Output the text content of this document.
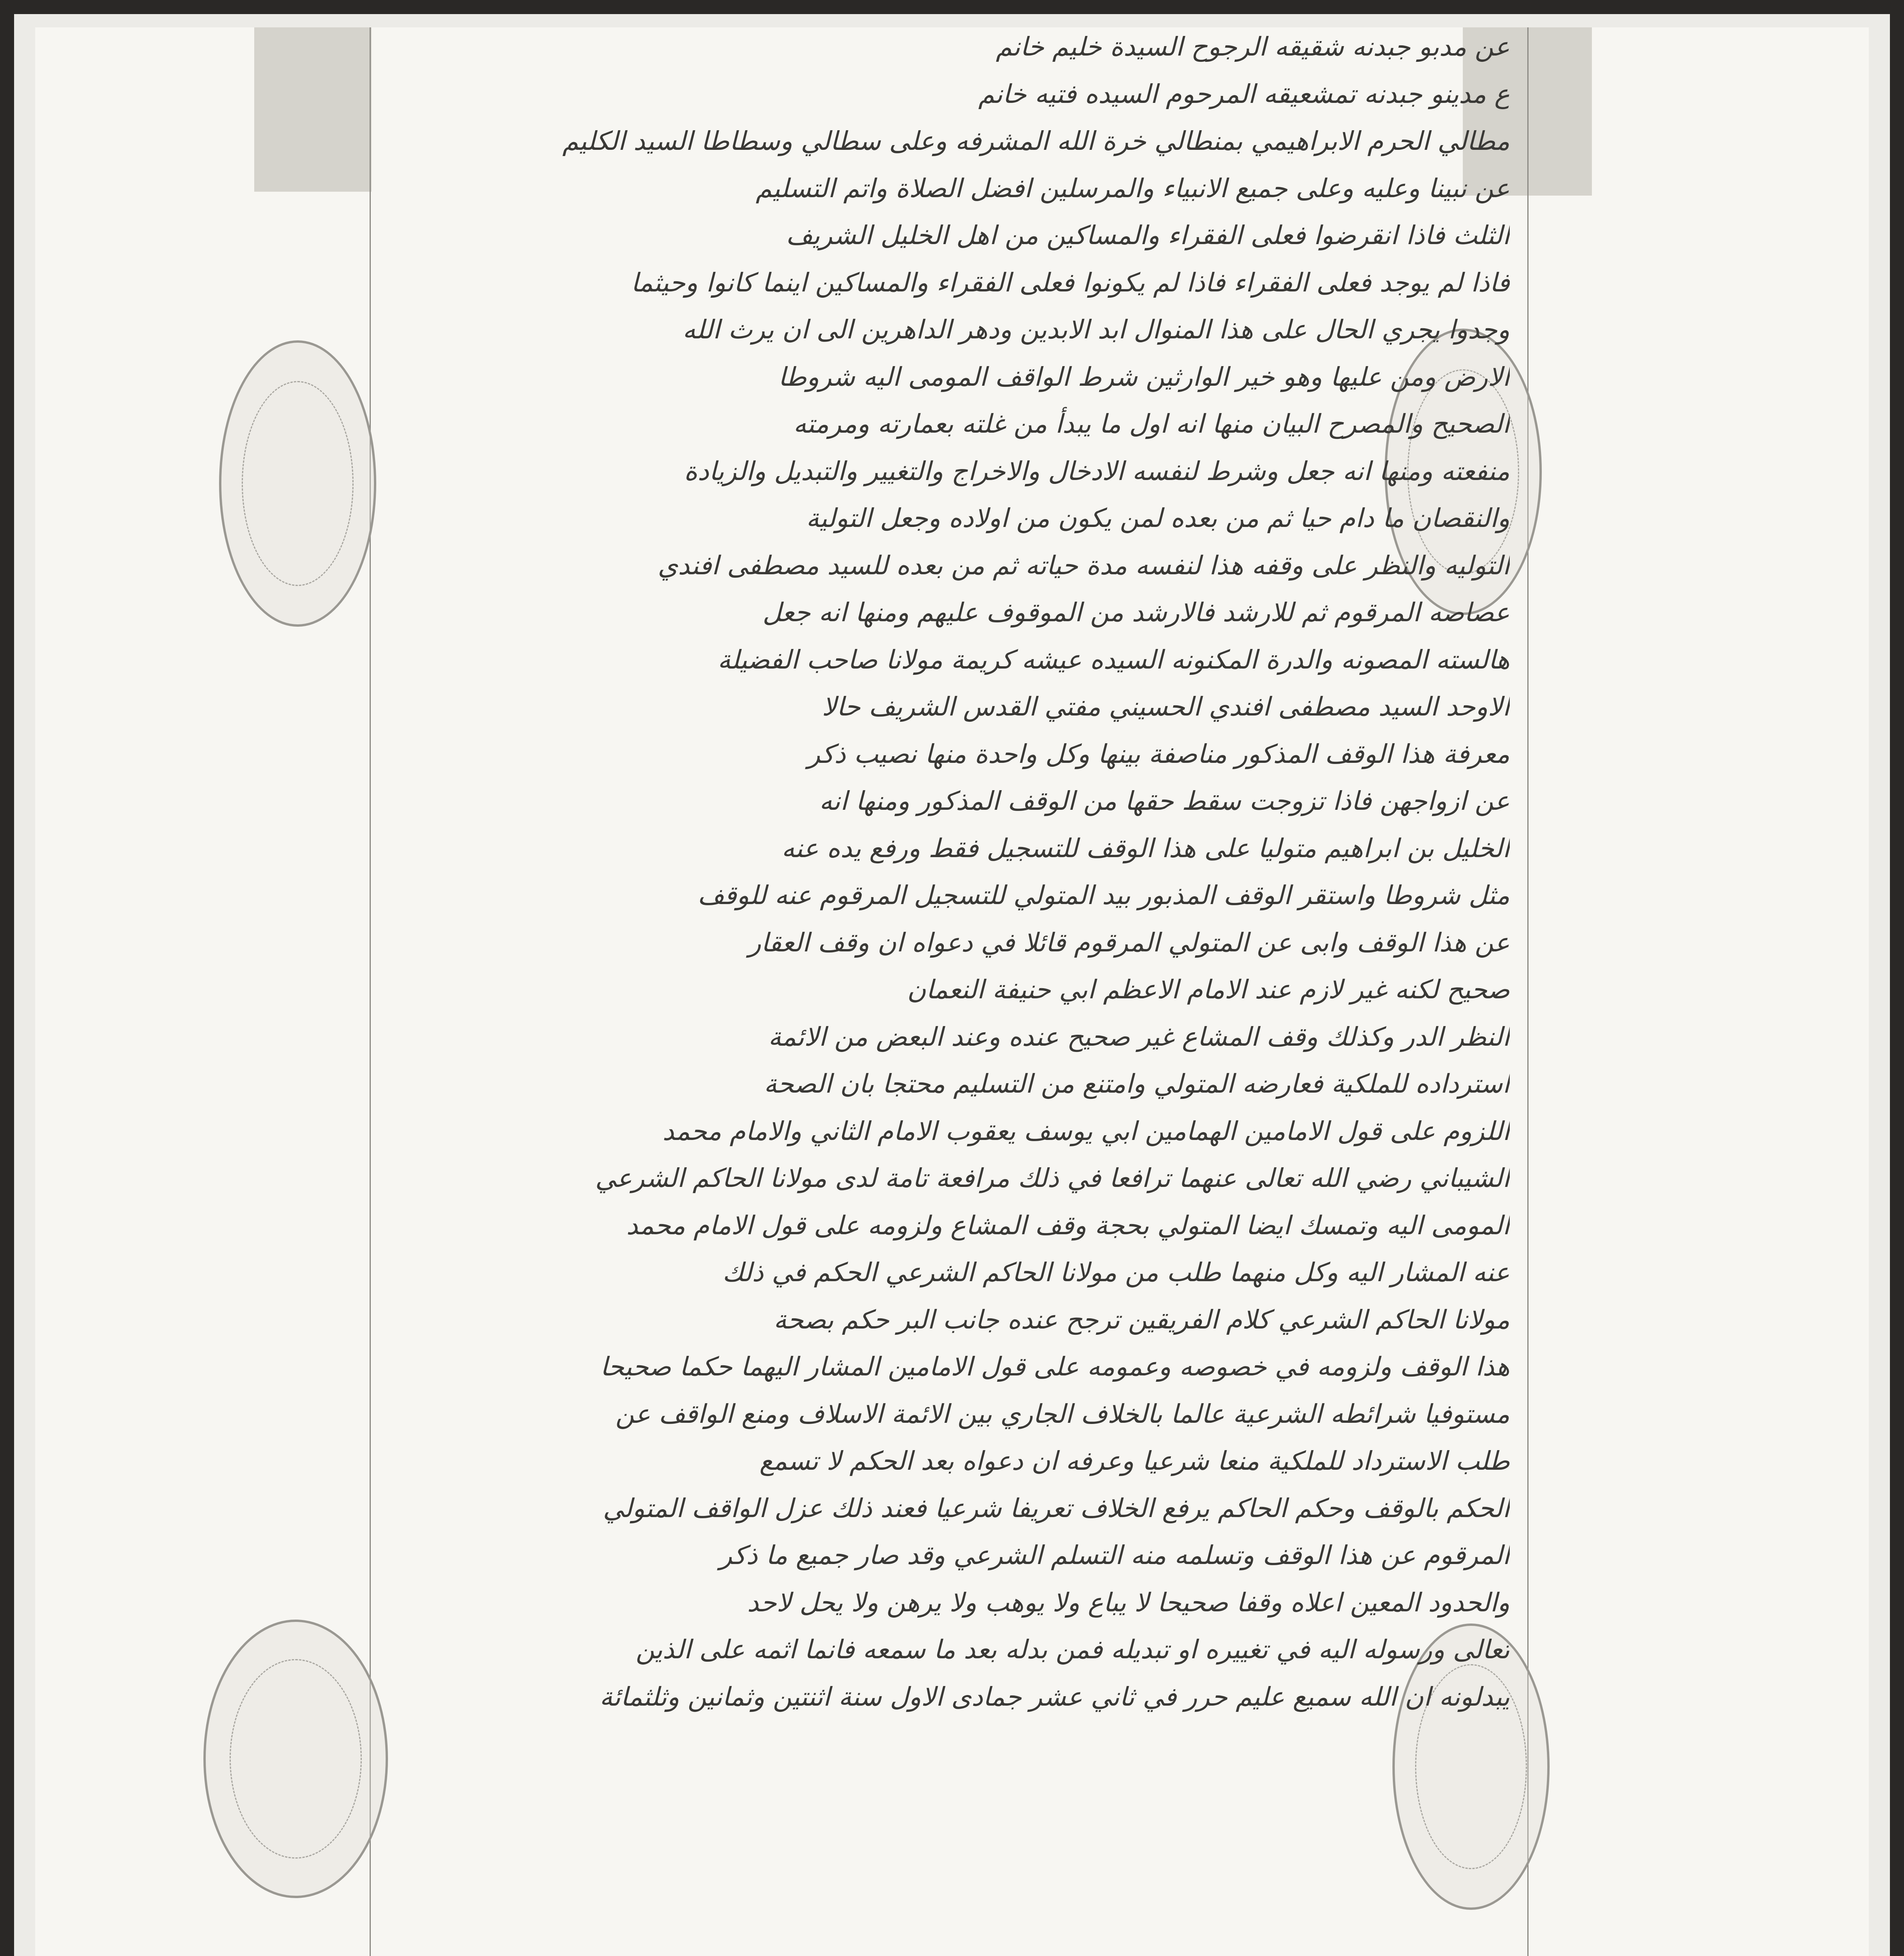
عن مدبو جبدنه شقيقه الرجوح السيدة خليم خانم
ع مدينو جبدنه تمشعيقه المرحوم السيده فتيه خانم
مطالي الحرم الابراهيمي بمنطالي خرة الله المشرفه وعلى سطالي وسطاطا السيد الكليم
عن نبينا وعليه وعلى جميع الانبياء والمرسلين افضل الصلاة واتم التسليم
الثلث فاذا انقرضوا فعلى الفقراء والمساكين من اهل الخليل الشريف
فاذا لم يوجد فعلى الفقراء فاذا لم يكونوا فعلى الفقراء والمساكين اينما كانوا وحيثما
وجدوا يجري الحال على هذا المنوال ابد الابدين ودهر الداهرين الى ان يرث الله
الارض ومن عليها وهو خير الوارثين شرط الواقف المومى اليه شروطا
الصحيح والمصرح البيان منها انه اول ما يبدأ من غلته بعمارته ومرمته
منفعته ومنها انه جعل وشرط لنفسه الادخال والاخراج والتغيير والتبديل والزيادة
والنقصان ما دام حيا ثم من بعده لمن يكون من اولاده وجعل التولية
التوليه والنظر على وقفه هذا لنفسه مدة حياته ثم من بعده للسيد مصطفى افندي
عصاصه المرقوم ثم للارشد فالارشد من الموقوف عليهم ومنها انه جعل
هالسته المصونه والدرة المكنونه السيده عيشه كريمة مولانا صاحب الفضيلة
الاوحد السيد مصطفى افندي الحسيني مفتي القدس الشريف حالا
معرفة هذا الوقف المذكور مناصفة بينها وكل واحدة منها نصيب ذكر
عن ازواجهن فاذا تزوجت سقط حقها من الوقف المذكور ومنها انه
الخليل بن ابراهيم متوليا على هذا الوقف للتسجيل فقط ورفع يده عنه
مثل شروطا واستقر الوقف المذبور بيد المتولي للتسجيل المرقوم عنه للوقف
عن هذا الوقف وابى عن المتولي المرقوم قائلا في دعواه ان وقف العقار
صحيح لكنه غير لازم عند الامام الاعظم ابي حنيفة النعمان
النظر الدر وكذلك وقف المشاع غير صحيح عنده وعند البعض من الائمة
استرداده للملكية فعارضه المتولي وامتنع من التسليم محتجا بان الصحة
اللزوم على قول الامامين الهمامين ابي يوسف يعقوب الامام الثاني والامام محمد
الشيباني رضي الله تعالى عنهما ترافعا في ذلك مرافعة تامة لدى مولانا الحاكم الشرعي
المومى اليه وتمسك ايضا المتولي بحجة وقف المشاع ولزومه على قول الامام محمد
عنه المشار اليه وكل منهما طلب من مولانا الحاكم الشرعي الحكم في ذلك
مولانا الحاكم الشرعي كلام الفريقين ترجح عنده جانب البر حكم بصحة
هذا الوقف ولزومه في خصوصه وعمومه على قول الامامين المشار اليهما حكما صحيحا
مستوفيا شرائطه الشرعية عالما بالخلاف الجاري بين الائمة الاسلاف ومنع الواقف عن
طلب الاسترداد للملكية منعا شرعيا وعرفه ان دعواه بعد الحكم لا تسمع
الحكم بالوقف وحكم الحاكم يرفع الخلاف تعريفا شرعيا فعند ذلك عزل الواقف المتولي
المرقوم عن هذا الوقف وتسلمه منه التسلم الشرعي وقد صار جميع ما ذكر
والحدود المعين اعلاه وقفا صحيحا لا يباع ولا يوهب ولا يرهن ولا يحل لاحد
تعالى ورسوله اليه في تغييره او تبديله فمن بدله بعد ما سمعه فانما اثمه على الذين
يبدلونه ان الله سميع عليم حرر في ثاني عشر جمادى الاول سنة اثنتين وثمانين وثلثمائة
